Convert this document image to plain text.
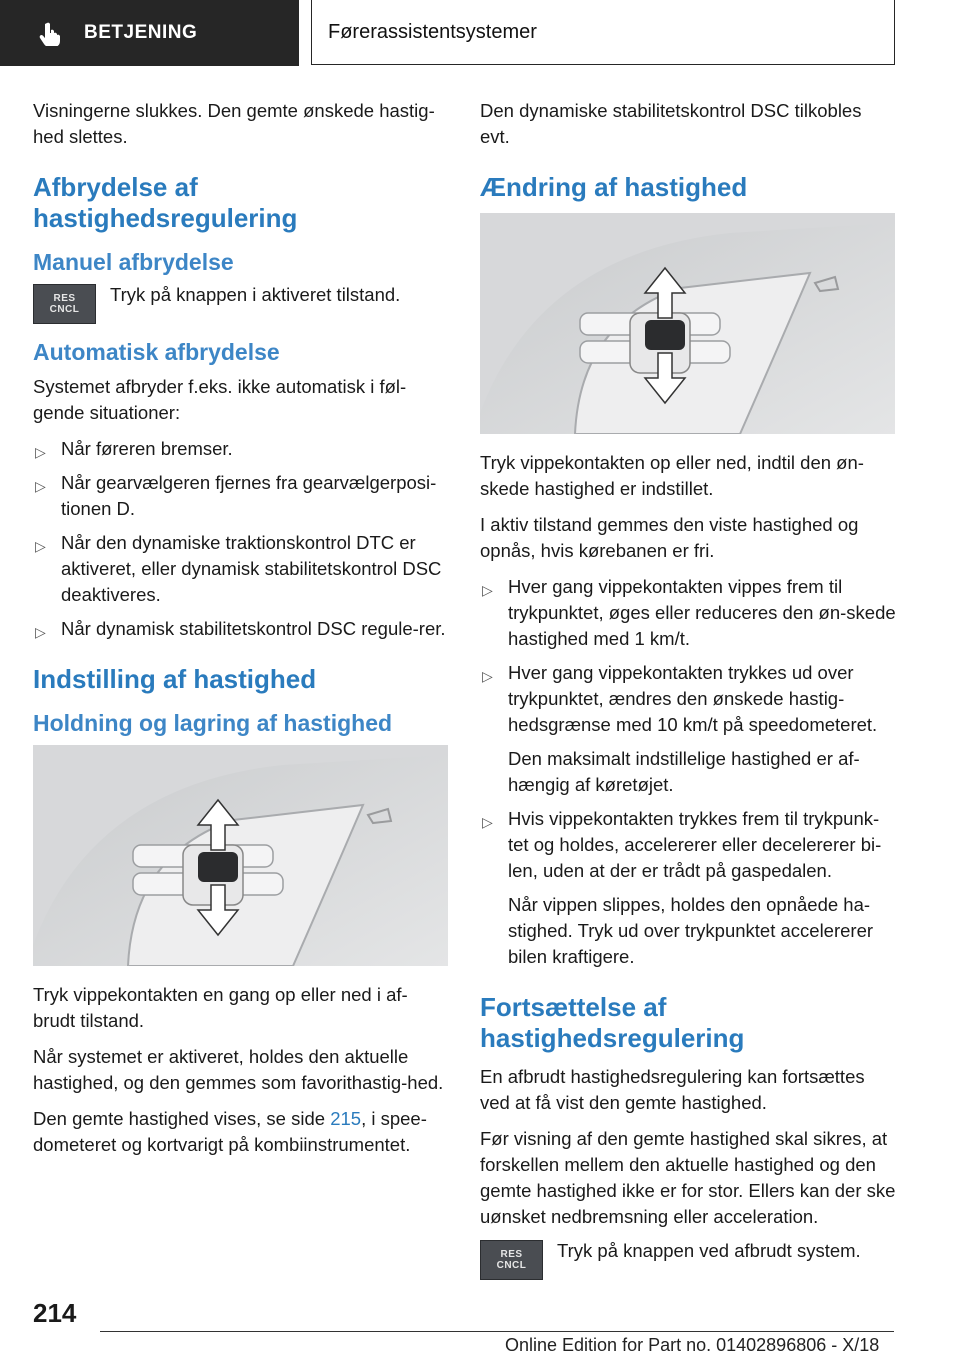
BETJENING	Førerassistentsystemer

Visningerne slukkes. Den gemte ønskede hastig-hed slettes.

Afbrydelse af hastighedsregulering
Manuel afbrydelse
RES
CNCL
Tryk på knappen i aktiveret tilstand.
Automatisk afbrydelse

Systemet afbryder f.eks. ikke automatisk i føl-gende situationer:

▷ Når føreren bremser.
▷ Når gearvælgeren fjernes fra gearvælgerposi-tionen D.
▷ Når den dynamiske traktionskontrol DTC er aktiveret, eller dynamisk stabilitetskontrol DSC deaktiveres.
▷ Når dynamisk stabilitetskontrol DSC regule-rer.
Indstilling af hastighed
Holdning og lagring af hastighed

Tryk vippekontakten en gang op eller ned i af-brudt tilstand.

Når systemet er aktiveret, holdes den aktuelle hastighed, og den gemmes som favorithastig-hed.

Den gemte hastighed vises, se side 215, i spee-dometeret og kortvarigt på kombiinstrumentet.

Den dynamiske stabilitetskontrol DSC tilkobles evt.

Ændring af hastighed

Tryk vippekontakten op eller ned, indtil den øn-skede hastighed er indstillet.

I aktiv tilstand gemmes den viste hastighed og opnås, hvis kørebanen er fri.

▷ Hver gang vippekontakten vippes frem til trykpunktet, øges eller reduceres den øn-skede hastighed med 1 km/t.
▷ Hver gang vippekontakten trykkes ud over trykpunktet, ændres den ønskede hastig-hedsgrænse med 10 km/t på speedometeret.

Den maksimalt indstillelige hastighed er af-hængig af køretøjet.

▷ Hvis vippekontakten trykkes frem til trykpunk-tet og holdes, accelererer eller decelererer bi-len, uden at der er trådt på gaspedalen.

Når vippen slippes, holdes den opnåede ha-stighed. Tryk ud over trykpunktet accelererer bilen kraftigere.

Fortsættelse af hastighedsregulering

En afbrudt hastighedsregulering kan fortsættes ved at få vist den gemte hastighed.

Før visning af den gemte hastighed skal sikres, at forskellen mellem den aktuelle hastighed og den gemte hastighed ikke er for stor. Ellers kan der ske uønsket nedbremsning eller acceleration.

RES
CNCL
Tryk på knappen ved afbrudt system.
214
Online Edition for Part no. 01402896806 - X/18
